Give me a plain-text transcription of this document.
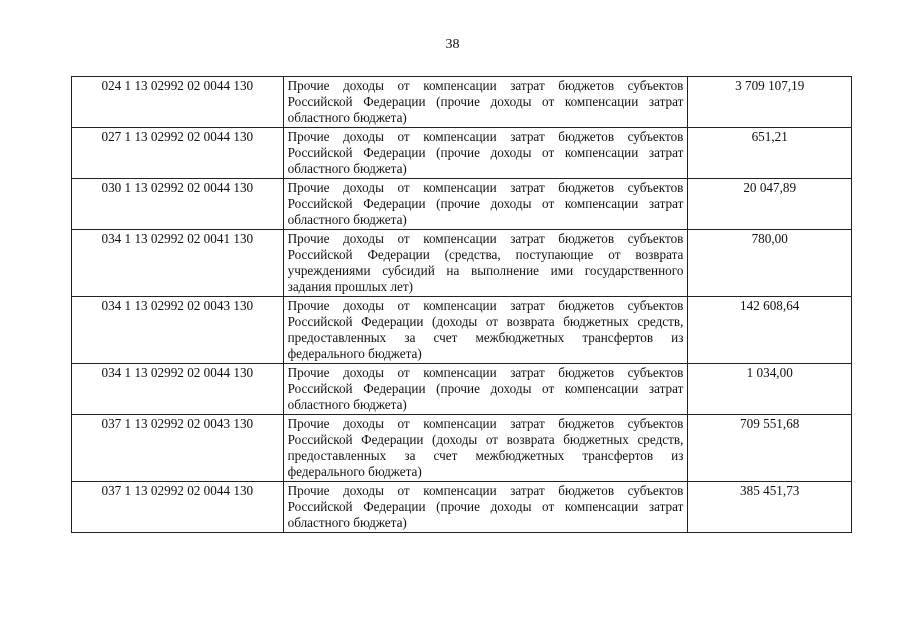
38
024 1 13 02992 02 0044 130	Прочие доходы от компенсации затрат бюджетов субъектов Российской Федерации (прочие доходы от компенсации затрат областного бюджета)	3 709 107,19
027 1 13 02992 02 0044 130	Прочие доходы от компенсации затрат бюджетов субъектов Российской Федерации (прочие доходы от компенсации затрат областного бюджета)	651,21
030 1 13 02992 02 0044 130	Прочие доходы от компенсации затрат бюджетов субъектов Российской Федерации (прочие доходы от компенсации затрат областного бюджета)	20 047,89
034 1 13 02992 02 0041 130	Прочие доходы от компенсации затрат бюджетов субъектов Российской Федерации (средства, поступающие от возврата учреждениями субсидий на выполнение ими государственного задания прошлых лет)	780,00
034 1 13 02992 02 0043 130	Прочие доходы от компенсации затрат бюджетов субъектов Российской Федерации (доходы от возврата бюджетных средств, предоставленных за счет межбюджетных трансфертов из федерального бюджета)	142 608,64
034 1 13 02992 02 0044 130	Прочие доходы от компенсации затрат бюджетов субъектов Российской Федерации (прочие доходы от компенсации затрат областного бюджета)	1 034,00
037 1 13 02992 02 0043 130	Прочие доходы от компенсации затрат бюджетов субъектов Российской Федерации (доходы от возврата бюджетных средств, предоставленных за счет межбюджетных трансфертов из федерального бюджета)	709 551,68
037 1 13 02992 02 0044 130	Прочие доходы от компенсации затрат бюджетов субъектов Российской Федерации (прочие доходы от компенсации затрат областного бюджета)	385 451,73
